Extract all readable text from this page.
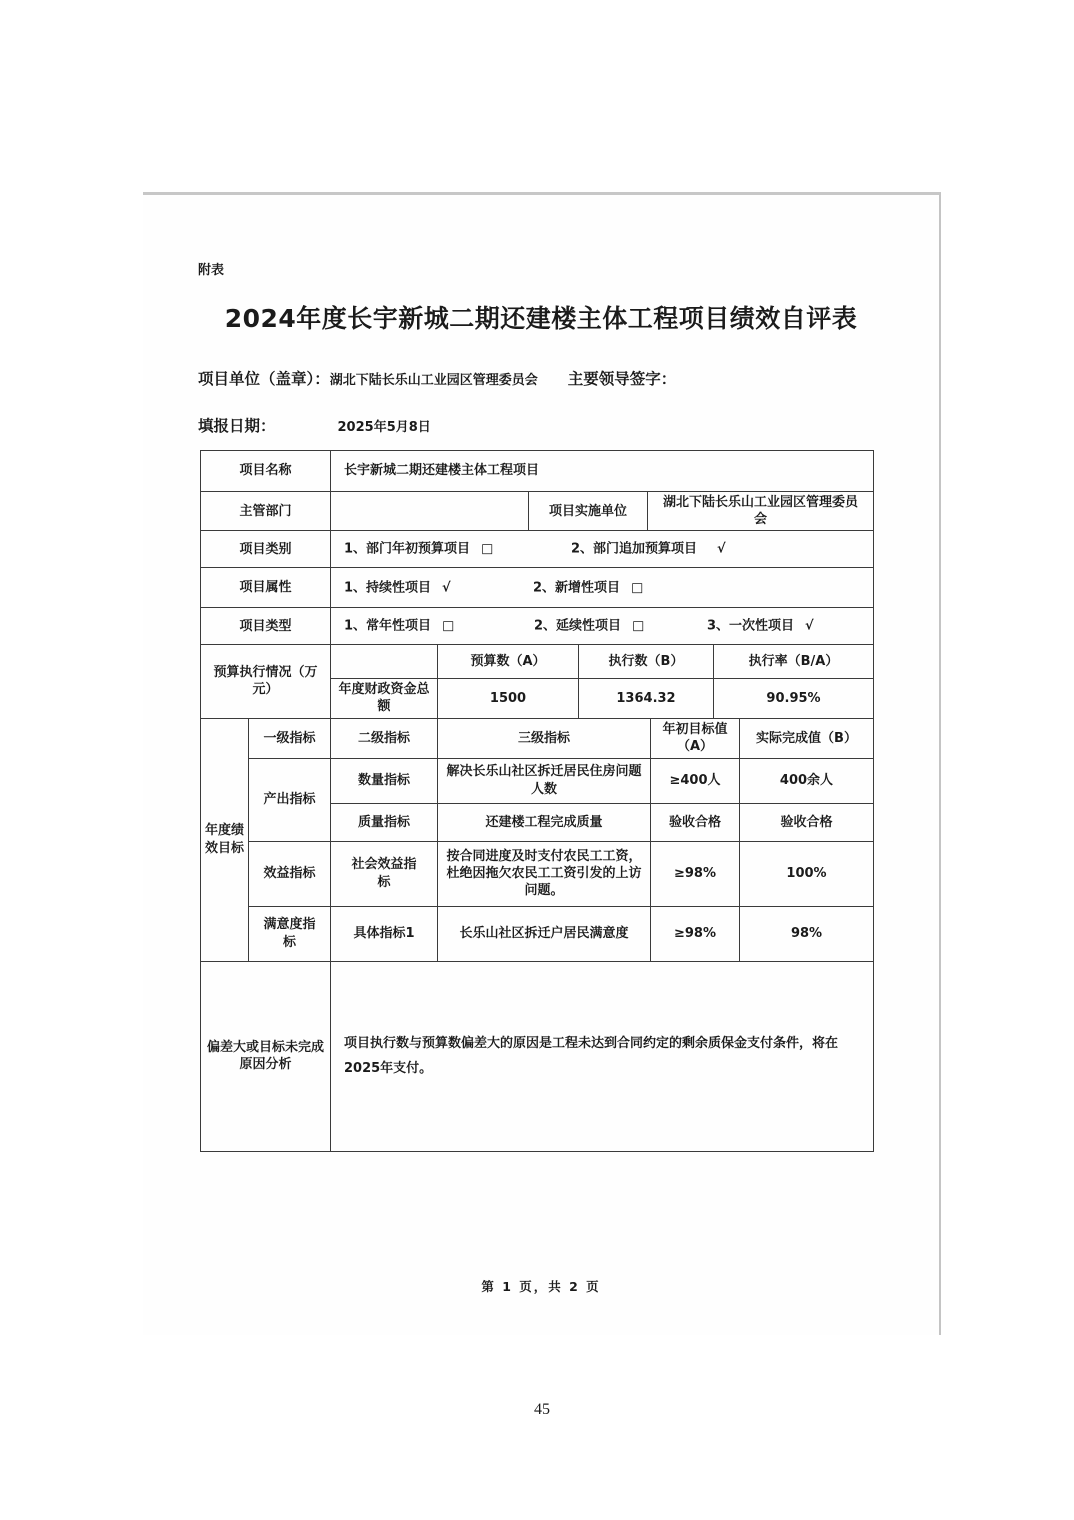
附表
2024年度长宇新城二期还建楼主体工程项目绩效自评表
项目单位（盖章）：湖北下陆长乐山工业园区管理委员会 主要领导签字：
填报日期：	2025年5月8日
项目名称	长宇新城二期还建楼主体工程项目		
主管部门		项目实施单位	湖北下陆长乐山工业园区管理委员会
项目类别	1、部门年初预算项目 □ 2、部门追加预算项目 √		

项目属性	1、持续性项目 √ 2、新增性项目 □		

项目类型	1、常年性项目 □ 2、延续性项目 □ 3、一次性项目 √		
预算执行情况（万元）		预算数（A）	执行数（B）	执行率（B/A）
	年度财政资金总额	1500	1364.32	90.95%
年度绩效目标	一级指标	二级指标	三级指标	年初目标值（A）	实际完成值（B）
	产出指标	数量指标	解决长乐山社区拆迁居民住房问题人数	≥400人	400余人
		质量指标	还建楼工程完成质量	验收合格	验收合格
	效益指标	社会效益指标	按合同进度及时支付农民工工资，杜绝因拖欠农民工工资引发的上访问题。	≥98%	100%
	满意度指标	具体指标1	长乐山社区拆迁户居民满意度	≥98%	98%
偏差大或目标未完成原因分析	项目执行数与预算数偏差大的原因是工程未达到合同约定的剩余质保金支付条件，将在2025年支付。
第 1 页，共 2 页
45
